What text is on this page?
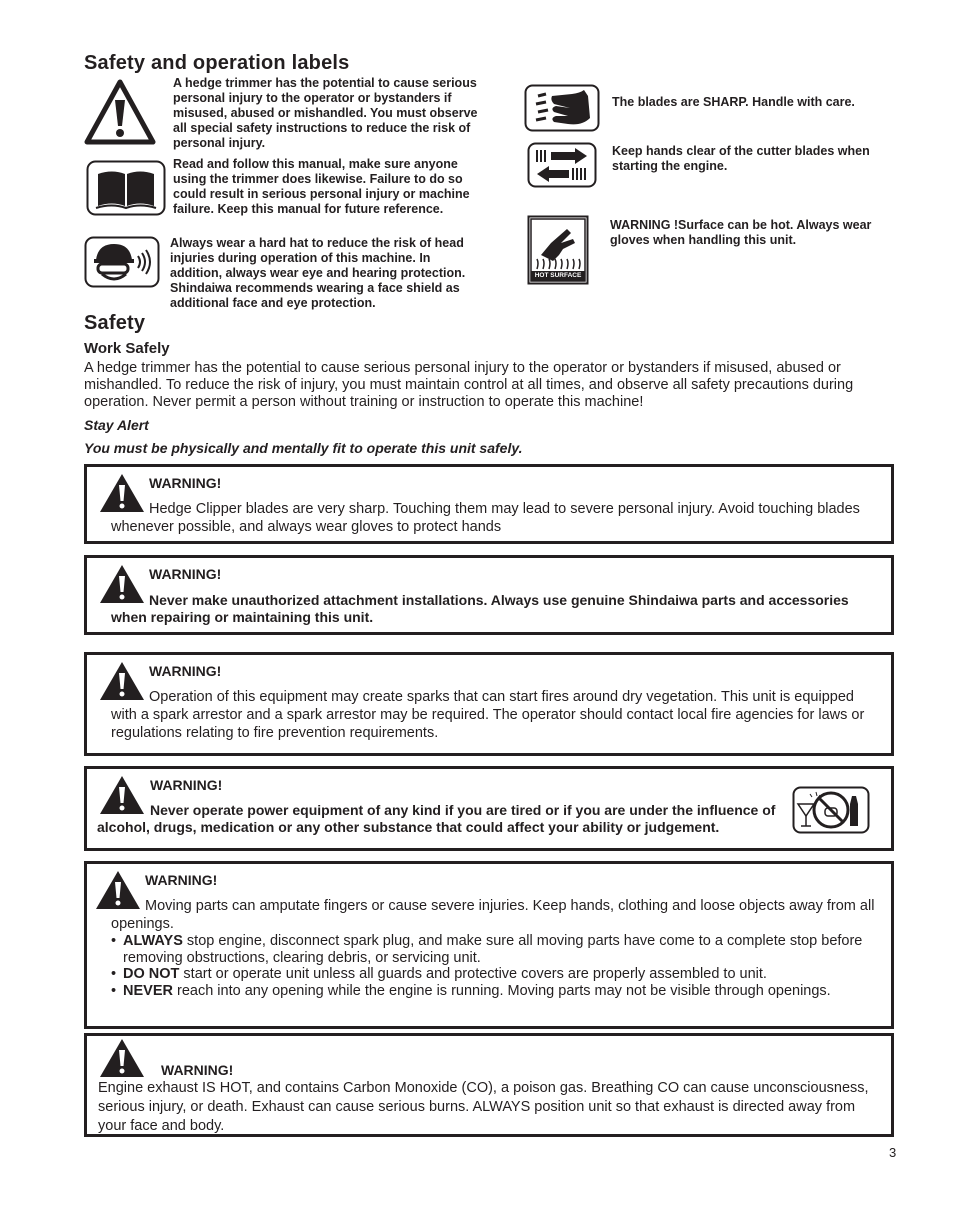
Safety and operation labels
A hedge trimmer has the potential to cause serious personal injury to the operator or bystanders if misused, abused or mishandled. You must observe all special safety instructions to reduce the risk of personal injury.
Read and follow this manual, make sure anyone using the trimmer does likewise. Failure to do so could result in serious personal injury or machine failure. Keep this manual for future reference.
Always wear a hard hat to reduce the risk of head injuries during operation of this machine. In addition, always wear eye and hearing protection. Shindaiwa recommends wearing a face shield as additional face and eye protection.
The blades are SHARP. Handle with care.
Keep hands clear of the cutter blades when starting the engine.
HOT SURFACE
WARNING !Surface can be hot. Always wear gloves when handling this unit.
Safety
Work Safely
A hedge trimmer has the potential to cause serious personal injury to the operator or bystanders if misused, abused or mishandled. To reduce the risk of injury, you must maintain control at all times, and observe all safety precautions during operation. Never permit a person without training or instruction to operate this machine!
Stay Alert
You must be physically and mentally fit to operate this unit safely.
WARNING!
Hedge Clipper blades are very sharp. Touching them may lead to severe personal injury. Avoid touching blades whenever possible, and always wear gloves to protect hands
WARNING!
Never make unauthorized attachment installations. Always use genuine Shindaiwa parts and accessories when repairing or maintaining this unit.
WARNING!
Operation of this equipment may create sparks that can start fires around dry vegetation. This unit is equipped with a spark arrestor and a spark arrestor may be required. The operator should contact local fire agencies for laws or regulations relating to fire prevention requirements.
WARNING!
Never operate power equipment of any kind if you are tired or if you are under the influence of alcohol, drugs, medication or any other substance that could affect your ability or judgement.
WARNING!
Moving parts can amputate fingers or cause severe injuries. Keep hands, clothing and loose objects away from all openings.
• ALWAYS stop engine, disconnect spark plug, and make sure all moving parts have come to a complete stop before removing obstructions, clearing debris, or servicing unit.
• DO NOT start or operate unit unless all guards and protective covers are properly assembled to unit.
• NEVER reach into any opening while the engine is running. Moving parts may not be visible through openings.
WARNING!
Engine exhaust IS HOT, and contains Carbon Monoxide (CO), a poison gas. Breathing CO can cause unconsciousness, serious injury, or death. Exhaust can cause serious burns. ALWAYS position unit so that exhaust is directed away from your face and body.
3
